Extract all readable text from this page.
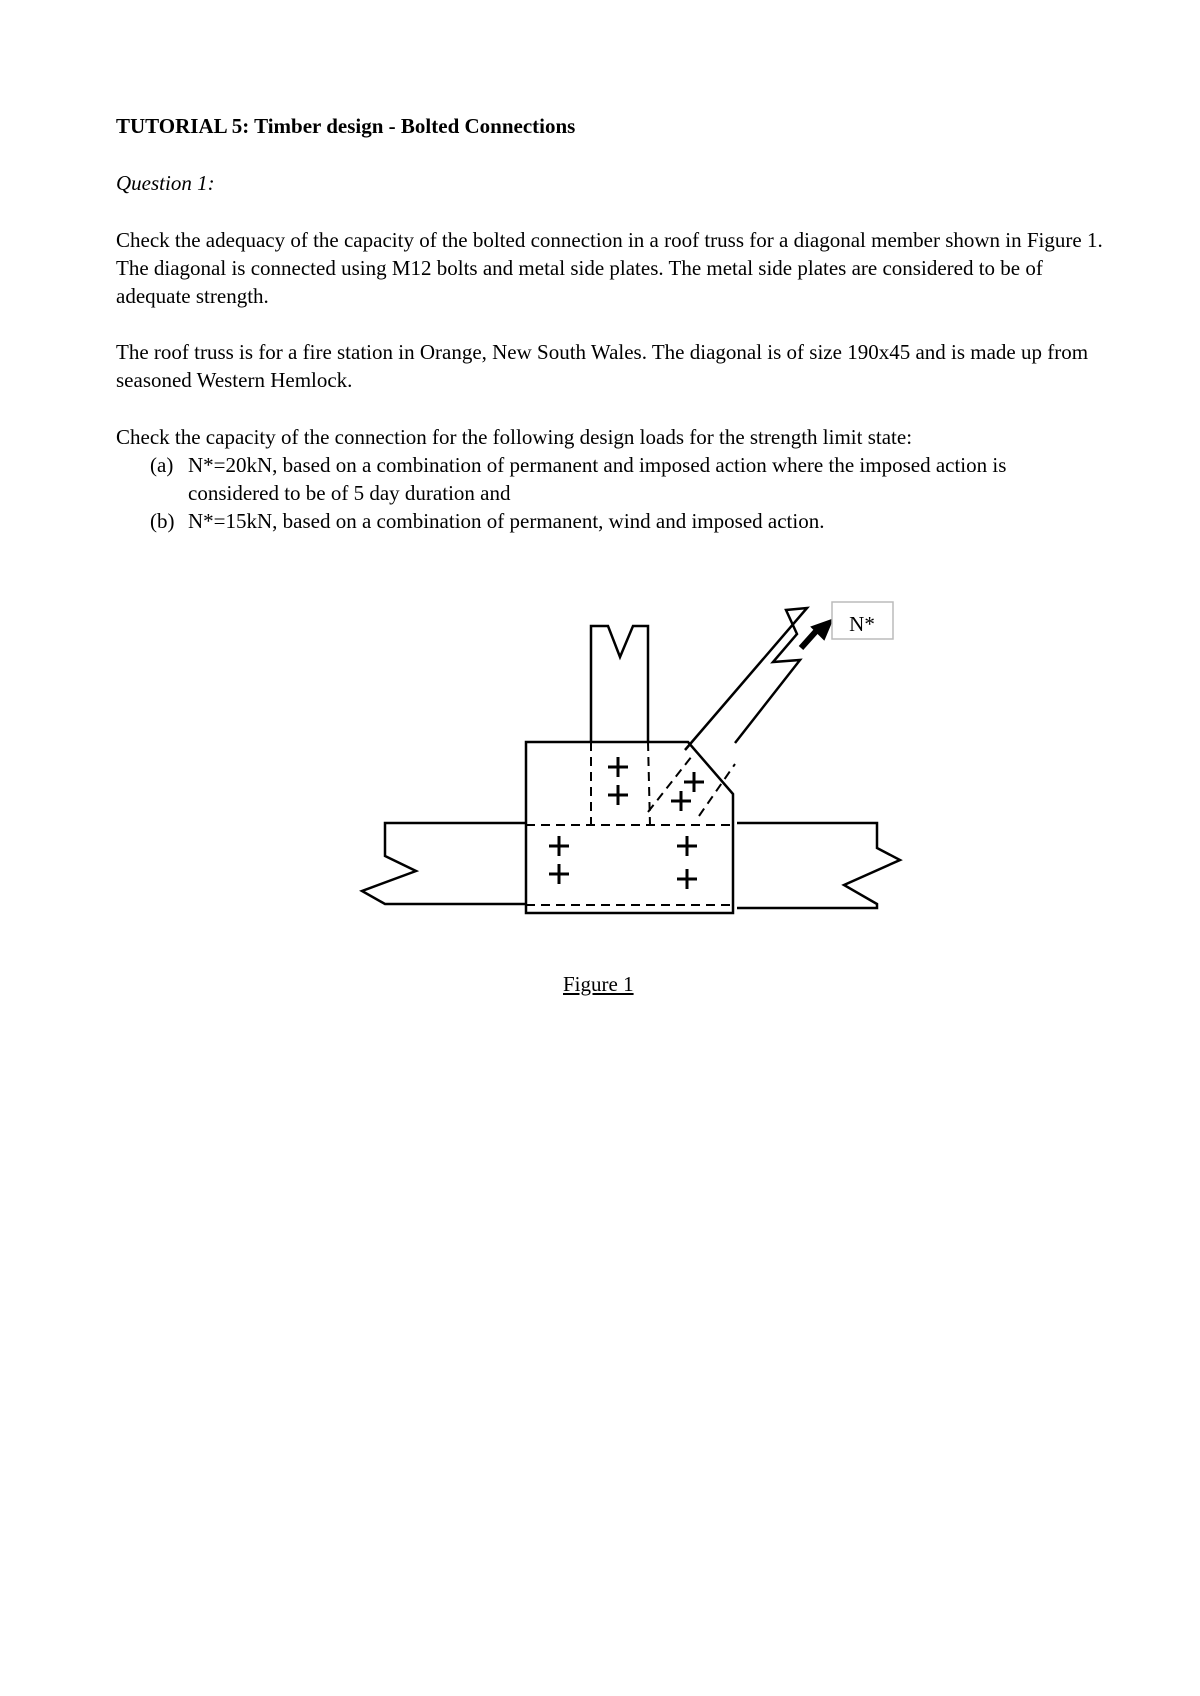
TUTORIAL 5: Timber design - Bolted Connections

Question 1:

Check the adequacy of the capacity of the bolted connection in a roof truss for a diagonal member shown in Figure 1. The diagonal is connected using M12 bolts and metal side plates. The metal side plates are considered to be of adequate strength.

The roof truss is for a fire station in Orange, New South Wales. The diagonal is of size 190x45 and is made up from seasoned Western Hemlock.

Check the capacity of the connection for the following design loads for the strength limit state:

(a) N*=20kN, based on a combination of permanent and imposed action where the imposed action is considered to be of 5 day duration and
(b) N*=15kN, based on a combination of permanent, wind and imposed action.
N*

Figure 1
